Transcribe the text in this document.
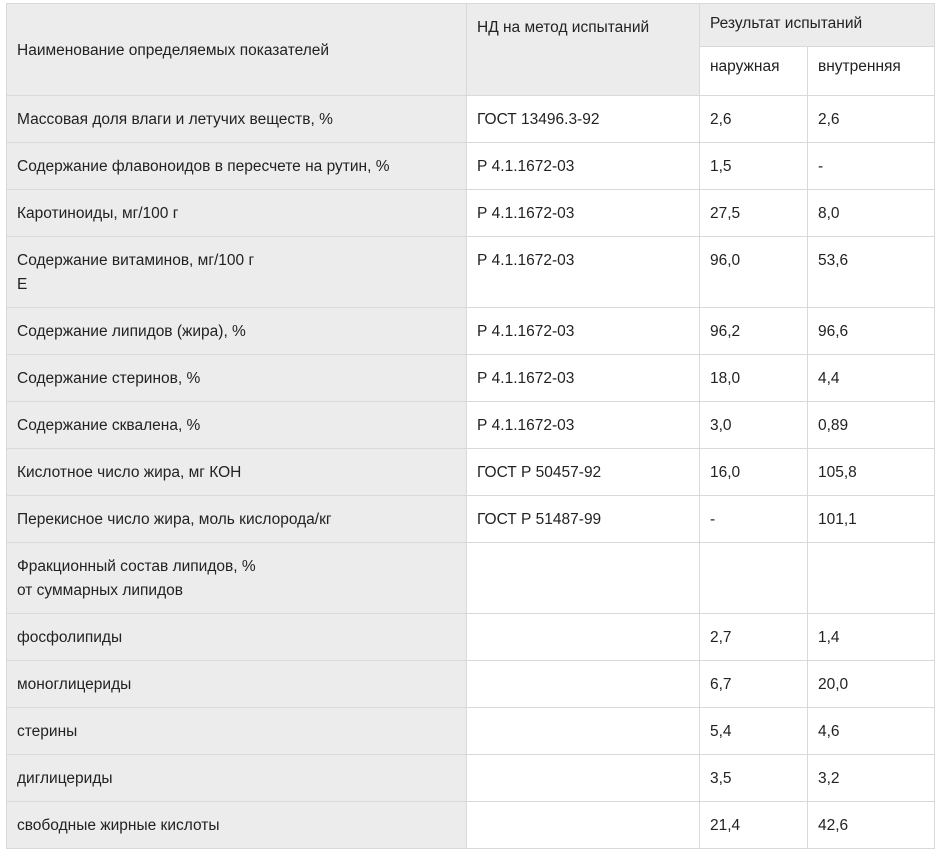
Наименование определяемых показателей	НД на метод испытаний	Результат испытаний	
		наружная	внутренняя

Массовая доля влаги и летучих веществ, %	ГОСТ 13496.3-92	2,6	2,6

Содержание флавоноидов в пересчете на рутин, %	Р 4.1.1672-03	1,5	-

Каротиноиды, мг/100 г	Р 4.1.1672-03	27,5	8,0

Содержание витаминов, мг/100 г
Е	Р 4.1.1672-03	96,0	53,6

Содержание липидов (жира), %	Р 4.1.1672-03	96,2	96,6

Содержание стеринов, %	Р 4.1.1672-03	18,0	4,4

Содержание сквалена, %	Р 4.1.1672-03	3,0	0,89

Кислотное число жира, мг КОН	ГОСТ Р 50457-92	16,0	105,8

Перекисное число жира, моль кислорода/кг	ГОСТ Р 51487-99	-	101,1

Фракционный состав липидов, %
от суммарных липидов			

фосфолипиды		2,7	1,4

моноглицериды		6,7	20,0

стерины		5,4	4,6

диглицериды		3,5	3,2

свободные жирные кислоты		21,4	42,6
